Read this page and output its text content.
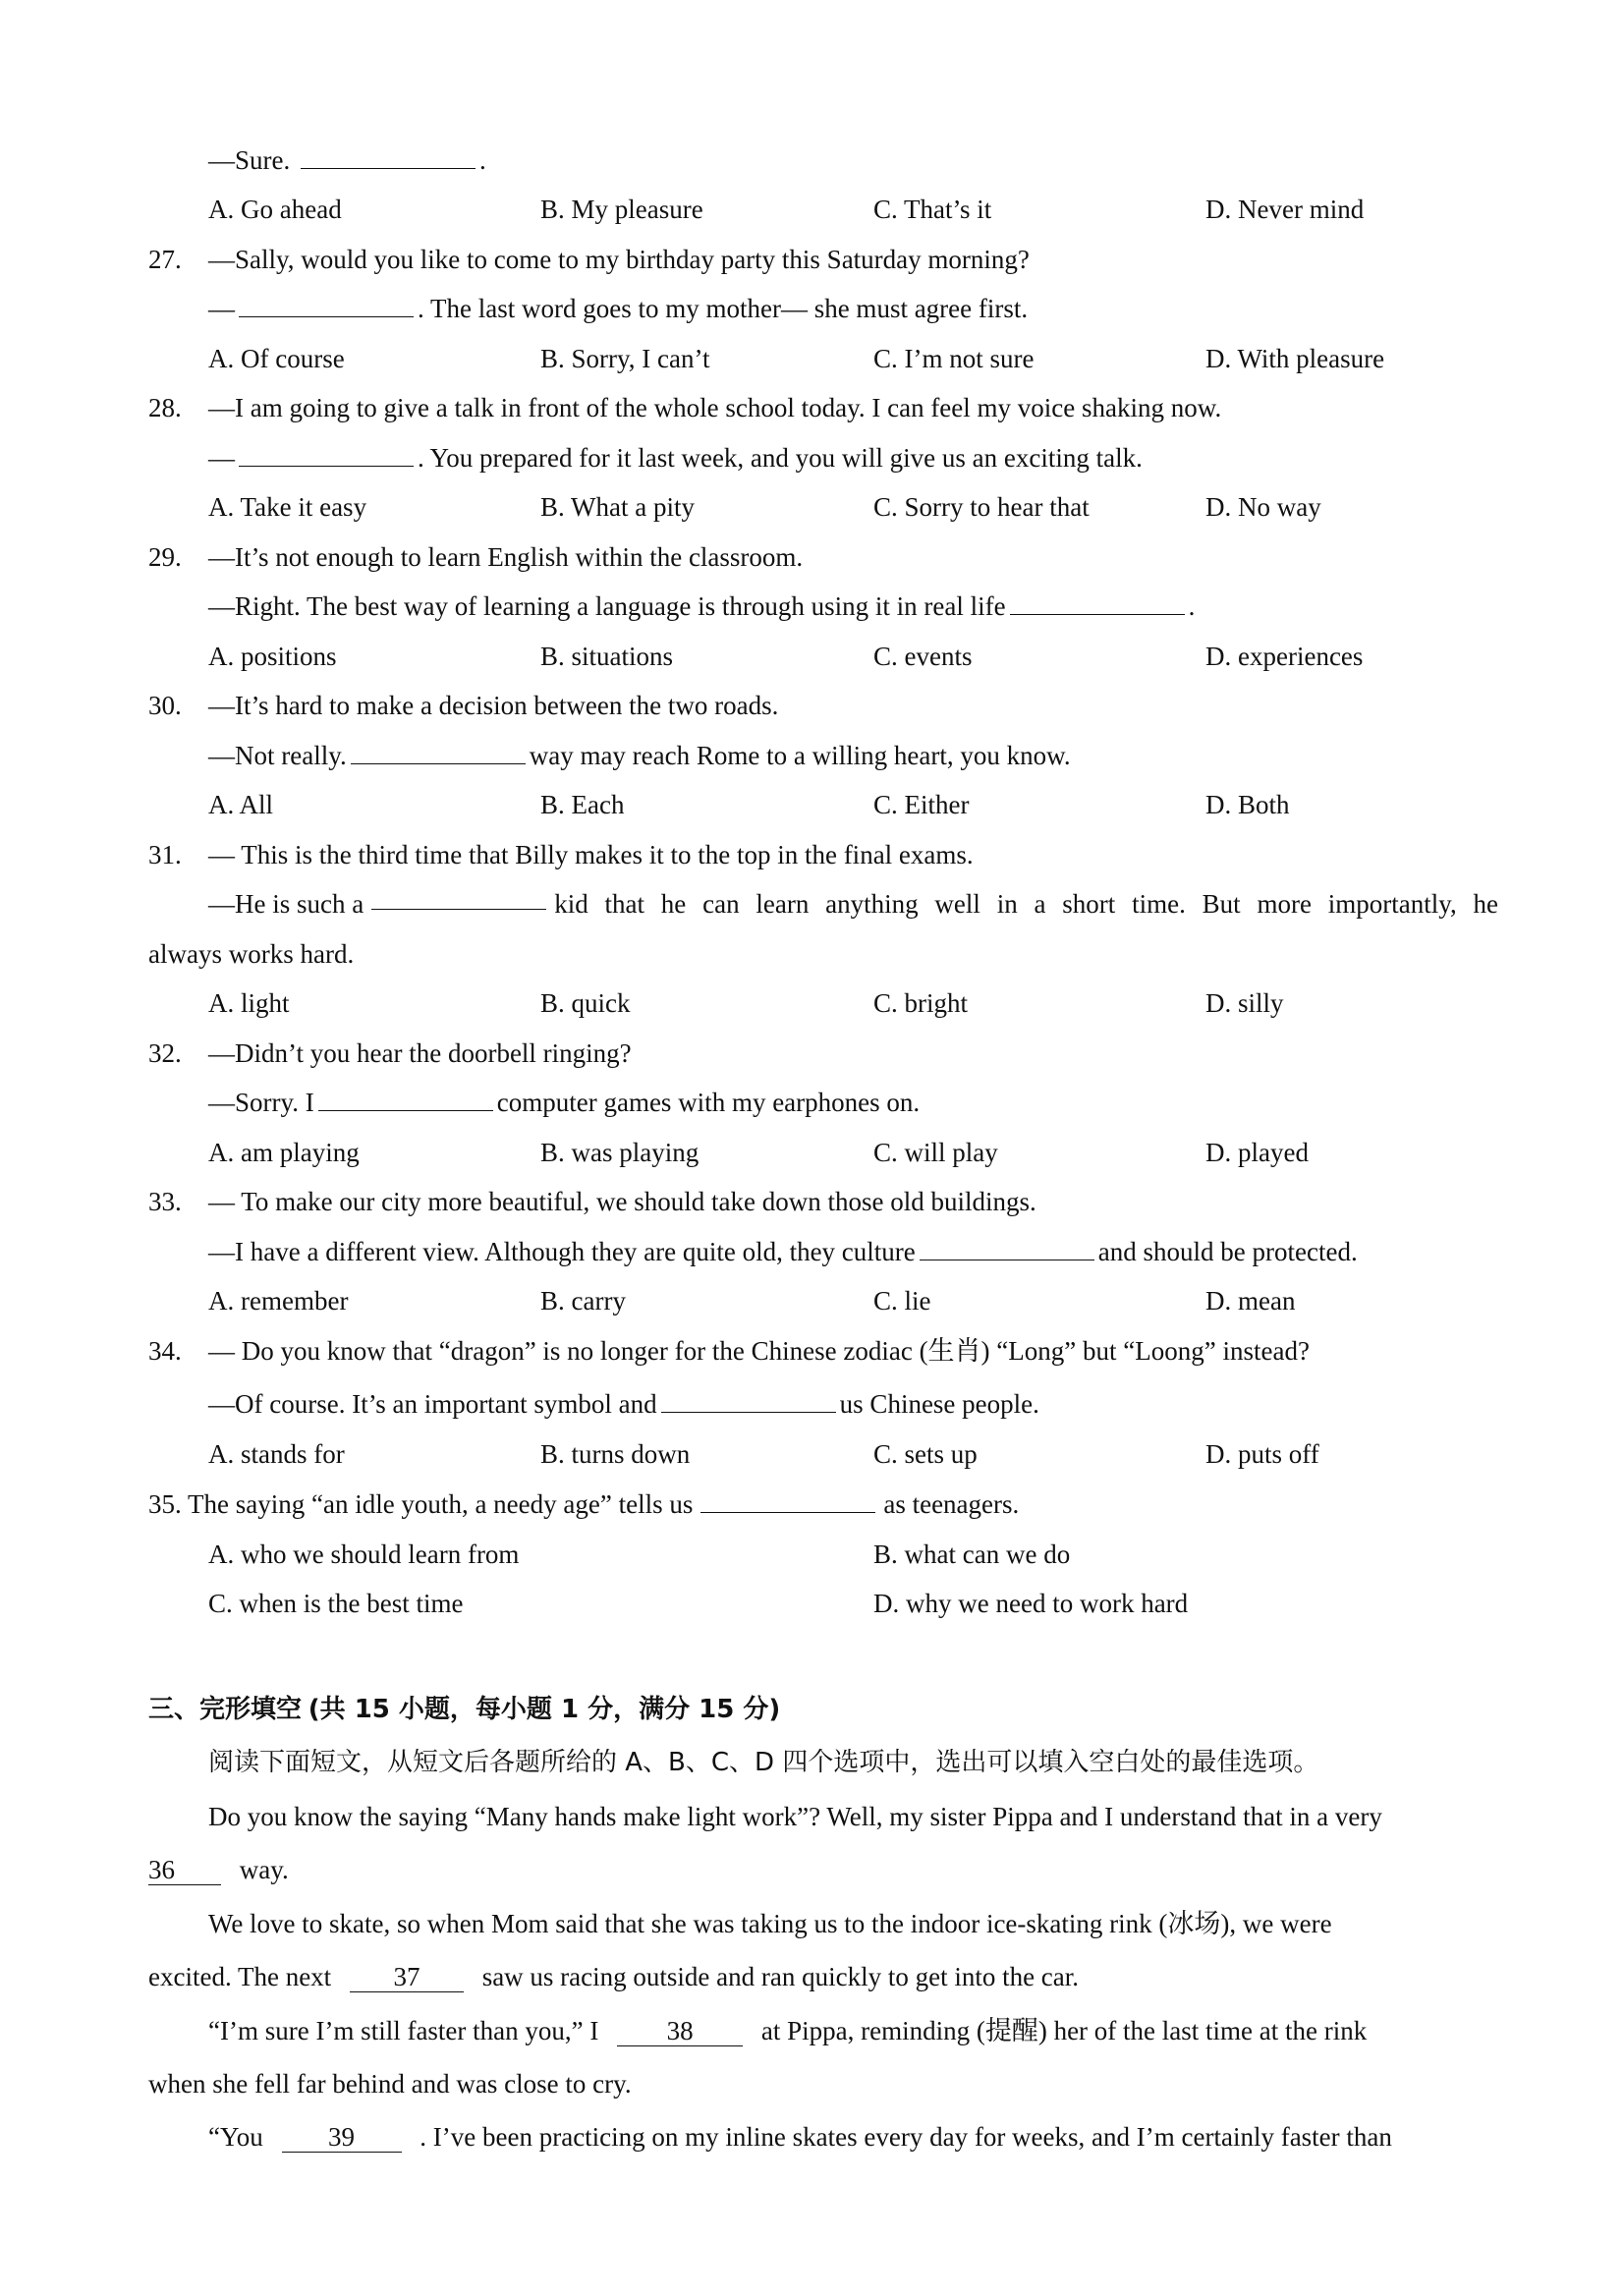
—Sure.	.
A. Go ahead	B. My pleasure	C. That’s it	D. Never mind
27. —Sally, would you like to come to my birthday party this Saturday morning?
—	. The last word goes to my mother— she must agree first.
A. Of course	B. Sorry, I can’t	C. I’m not sure	D. With pleasure
28. —I am going to give a talk in front of the whole school today. I can feel my voice shaking now.
—	. You prepared for it last week, and you will give us an exciting talk.
A. Take it easy	B. What a pity	C. Sorry to hear that	D. No way
29. —It’s not enough to learn English within the classroom.
—Right. The best way of learning a language is through using it in real life	.
A. positions	B. situations	C. events	D. experiences
30. —It’s hard to make a decision between the two roads.
—Not really.	way may reach Rome to a willing heart, you know.
A. All	B. Each	C. Either	D. Both
31. — This is the third time that Billy makes it to the top in the final exams.
—He is such a	kid that he can learn anything well in a short time. But more importantly, he
always works hard.
A. light	B. quick	C. bright	D. silly
32. —Didn’t you hear the doorbell ringing?
—Sorry. I	computer games with my earphones on.
A. am playing	B. was playing	C. will play	D. played
33. — To make our city more beautiful, we should take down those old buildings.
—I have a different view. Although they are quite old, they culture	and should be protected.
A. remember	B. carry	C. lie	D. mean
34. — Do you know that “dragon” is no longer for the Chinese zodiac (生肖) “Long” but “Loong” instead?
—Of course. It’s an important symbol and	us Chinese people.
A. stands for	B. turns down	C. sets up	D. puts off
35. The saying “an idle youth, a needy age” tells us	as teenagers.
A. who we should learn from	B. what can we do
C. when is the best time	D. why we need to work hard
三、完形填空 (共 15 小题，每小题 1 分，满分 15 分)
阅读下面短文，从短文后各题所给的 A、B、C、D 四个选项中，选出可以填入空白处的最佳选项。
Do you know the saying “Many hands make light work”? Well, my sister Pippa and I understand that in a very
36 way.
We love to skate, so when Mom said that she was taking us to the indoor ice-skating rink (冰场), we were
excited. The next 37 saw us racing outside and ran quickly to get into the car.
“I’m sure I’m still faster than you,” I	38	at Pippa, reminding (提醒) her of the last time at the rink
when she fell far behind and was close to cry.
“You 39 . I’ve been practicing on my inline skates every day for weeks, and I’m certainly faster than
